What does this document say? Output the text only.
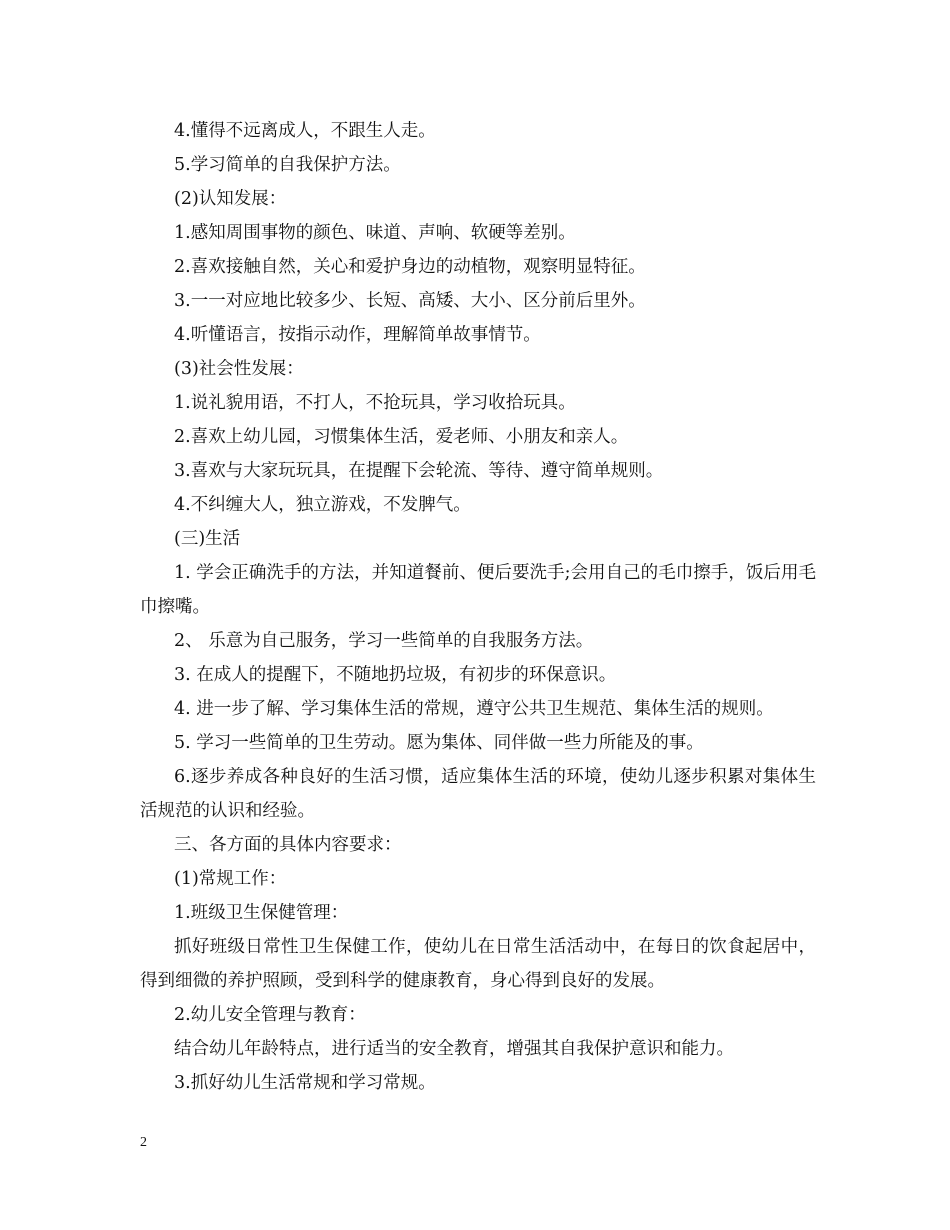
4.懂得不远离成人，不跟生人走。
5.学习简单的自我保护方法。
(2)认知发展：
1.感知周围事物的颜色、味道、声响、软硬等差别。
2.喜欢接触自然，关心和爱护身边的动植物，观察明显特征。
3.一一对应地比较多少、长短、高矮、大小、区分前后里外。
4.听懂语言，按指示动作，理解简单故事情节。
(3)社会性发展：
1.说礼貌用语，不打人，不抢玩具，学习收拾玩具。
2.喜欢上幼儿园，习惯集体生活，爱老师、小朋友和亲人。
3.喜欢与大家玩玩具，在提醒下会轮流、等待、遵守简单规则。
4.不纠缠大人，独立游戏，不发脾气。
(三)生活
1. 学会正确洗手的方法，并知道餐前、便后要洗手;会用自己的毛巾擦手，饭后用毛巾擦嘴。
2、 乐意为自己服务，学习一些简单的自我服务方法。
3. 在成人的提醒下，不随地扔垃圾，有初步的环保意识。
4. 进一步了解、学习集体生活的常规，遵守公共卫生规范、集体生活的规则。
5. 学习一些简单的卫生劳动。愿为集体、同伴做一些力所能及的事。
6.逐步养成各种良好的生活习惯，适应集体生活的环境，使幼儿逐步积累对集体生活规范的认识和经验。
三、各方面的具体内容要求：
(1)常规工作：
1.班级卫生保健管理：
抓好班级日常性卫生保健工作，使幼儿在日常生活活动中，在每日的饮食起居中，得到细微的养护照顾，受到科学的健康教育，身心得到良好的发展。
2.幼儿安全管理与教育：
结合幼儿年龄特点，进行适当的安全教育，增强其自我保护意识和能力。
3.抓好幼儿生活常规和学习常规。
2
